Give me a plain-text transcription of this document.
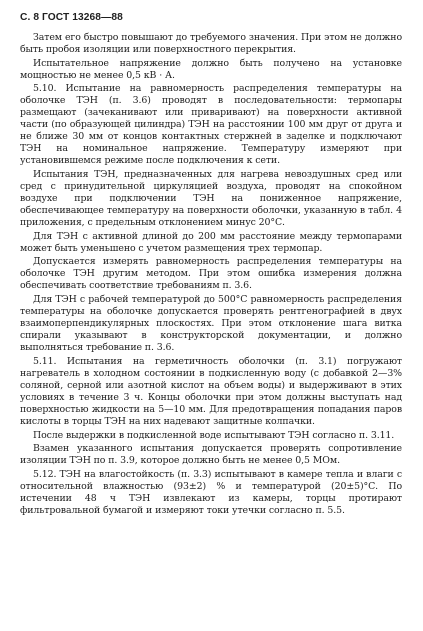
С. 8 ГОСТ 13268—88

Затем его быстро повышают до требуемого значения. При этом не должно быть пробоя изоляции или поверхностного перекрытия.

Испытательное напряжение должно быть получено на установке мощностью не менее 0,5 кВ · А.

5.10. Испытание на равномерность распределения температуры на оболочке ТЭН (п. 3.6) проводят в последовательности: термопары размещают (зачеканивают или приваривают) на поверхности активной части (по образующей цилиндра) ТЭН на расстоянии 100 мм друг от друга и не ближе 30 мм от концов контактных стержней в заделке и подключают ТЭН на номинальное напряжение. Температуру измеряют при установившемся режиме после подключения к сети.

Испытания ТЭН, предназначенных для нагрева невоздушных сред или сред с принудительной циркуляцией воздуха, проводят на спокойном воздухе при подключении ТЭН на пониженное напряжение, обеспечивающее температуру на поверхности оболочки, указанную в табл. 4 приложения, с предельным отклонением минус 20°С.

Для ТЭН с активной длиной до 200 мм расстояние между термопарами может быть уменьшено с учетом размещения трех термопар.

Допускается измерять равномерность распределения температуры на оболочке ТЭН другим методом. При этом ошибка измерения должна обеспечивать соответствие требованиям п. 3.6.

Для ТЭН с рабочей температурой до 500°С равномерность распределения температуры на оболочке допускается проверять рентгенографией в двух взаимоперпендикулярных плоскостях. При этом отклонение шага витка спирали указывают в конструкторской документации, и должно выполняться требование п. 3.6.

5.11. Испытания на герметичность оболочки (п. 3.1) погружают нагреватель в холодном состоянии в подкисленную воду (с добавкой 2—3% соляной, серной или азотной кислот на объем воды) и выдерживают в этих условиях в течение 3 ч. Концы оболочки при этом должны выступать над поверхностью жидкости на 5—10 мм. Для предотвращения попадания паров кислоты в торцы ТЭН на них надевают защитные колпачки.

После выдержки в подкисленной воде испытывают ТЭН согласно п. 3.11.

Взамен указанного испытания допускается проверять сопротивление изоляции ТЭН по п. 3.9, которое должно быть не менее 0,5 МОм.

5.12. ТЭН на влагостойкость (п. 3.3) испытывают в камере тепла и влаги с относительной влажностью (93±2) % и температурой (20±5)°С. По истечении 48 ч ТЭН извлекают из камеры, торцы протирают фильтровальной бумагой и измеряют токи утечки согласно п. 5.5.
